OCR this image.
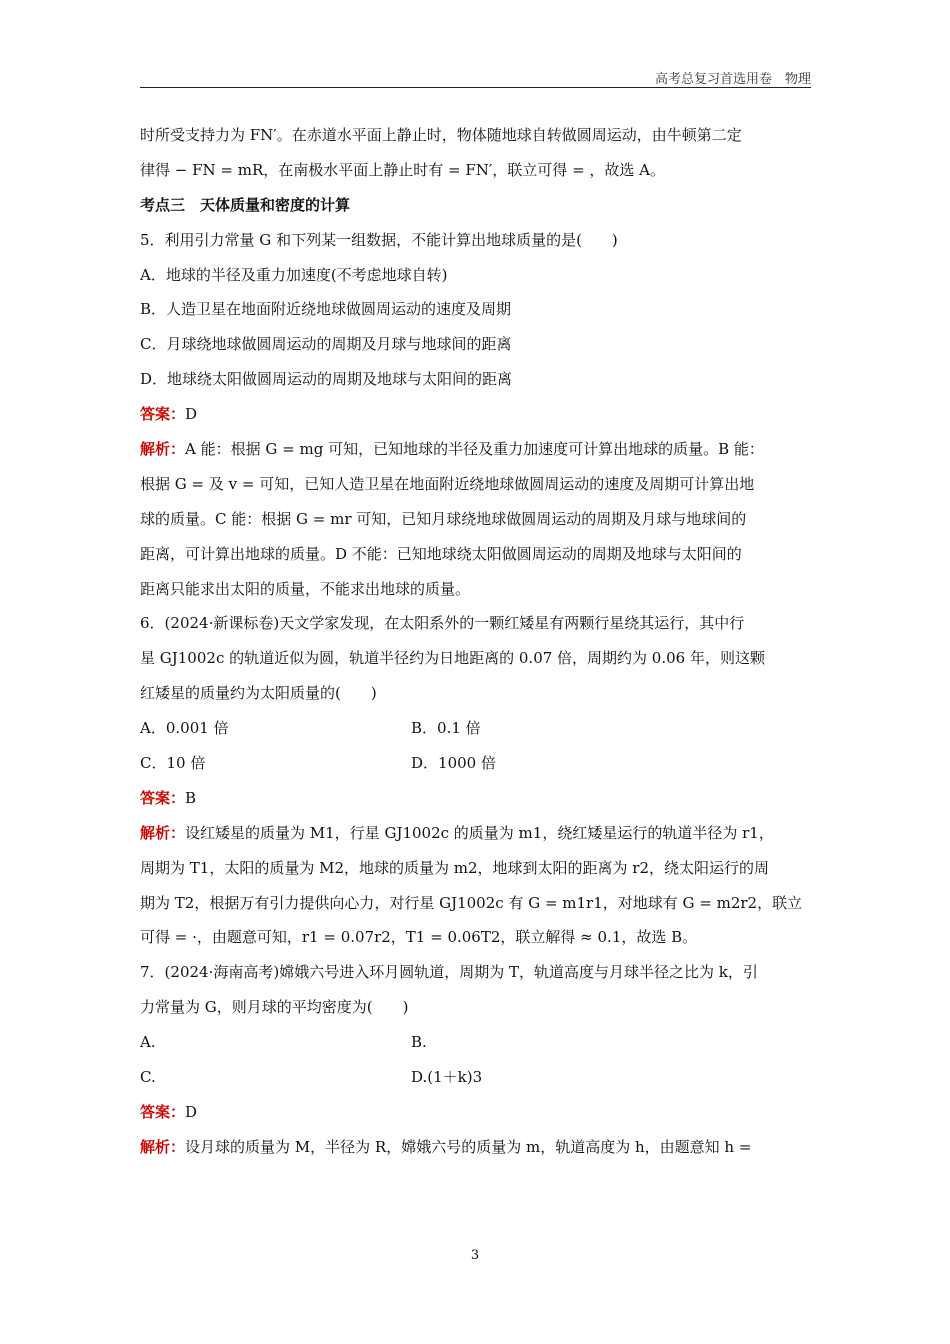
高考总复习首选用卷　物理
时所受支持力为 FN′。在赤道水平面上静止时，物体随地球自转做圆周运动，由牛顿第二定
律得 − FN = mR，在南极水平面上静止时有 = FN′，联立可得 = ，故选 A。
考点三　天体质量和密度的计算
5．利用引力常量 G 和下列某一组数据，不能计算出地球质量的是(　　)
A．地球的半径及重力加速度(不考虑地球自转)
B．人造卫星在地面附近绕地球做圆周运动的速度及周期
C．月球绕地球做圆周运动的周期及月球与地球间的距离
D．地球绕太阳做圆周运动的周期及地球与太阳间的距离
答案：D
解析：A 能：根据 G = mg 可知，已知地球的半径及重力加速度可计算出地球的质量。B 能：
根据 G = 及 v = 可知，已知人造卫星在地面附近绕地球做圆周运动的速度及周期可计算出地
球的质量。C 能：根据 G = mr 可知，已知月球绕地球做圆周运动的周期及月球与地球间的
距离，可计算出地球的质量。D 不能：已知地球绕太阳做圆周运动的周期及地球与太阳间的
距离只能求出太阳的质量，不能求出地球的质量。
6．(2024·新课标卷)天文学家发现，在太阳系外的一颗红矮星有两颗行星绕其运行，其中行
星 GJ1002c 的轨道近似为圆，轨道半径约为日地距离的 0.07 倍，周期约为 0.06 年，则这颗
红矮星的质量约为太阳质量的(　　)
A．0.001 倍	B．0.1 倍
C．10 倍	D．1000 倍
答案：B
解析：设红矮星的质量为 M1，行星 GJ1002c 的质量为 m1，绕红矮星运行的轨道半径为 r1，
周期为 T1，太阳的质量为 M2，地球的质量为 m2，地球到太阳的距离为 r2，绕太阳运行的周
期为 T2，根据万有引力提供向心力，对行星 GJ1002c 有 G = m1r1，对地球有 G = m2r2，联立
可得 = ·，由题意可知，r1 = 0.07r2，T1 = 0.06T2，联立解得 ≈ 0.1，故选 B。
7．(2024·海南高考)嫦娥六号进入环月圆轨道，周期为 T，轨道高度与月球半径之比为 k，引
力常量为 G，则月球的平均密度为(　　)
A.	B.
C.	D.(1＋k)3
答案：D
解析：设月球的质量为 M，半径为 R，嫦娥六号的质量为 m，轨道高度为 h，由题意知 h =
3
